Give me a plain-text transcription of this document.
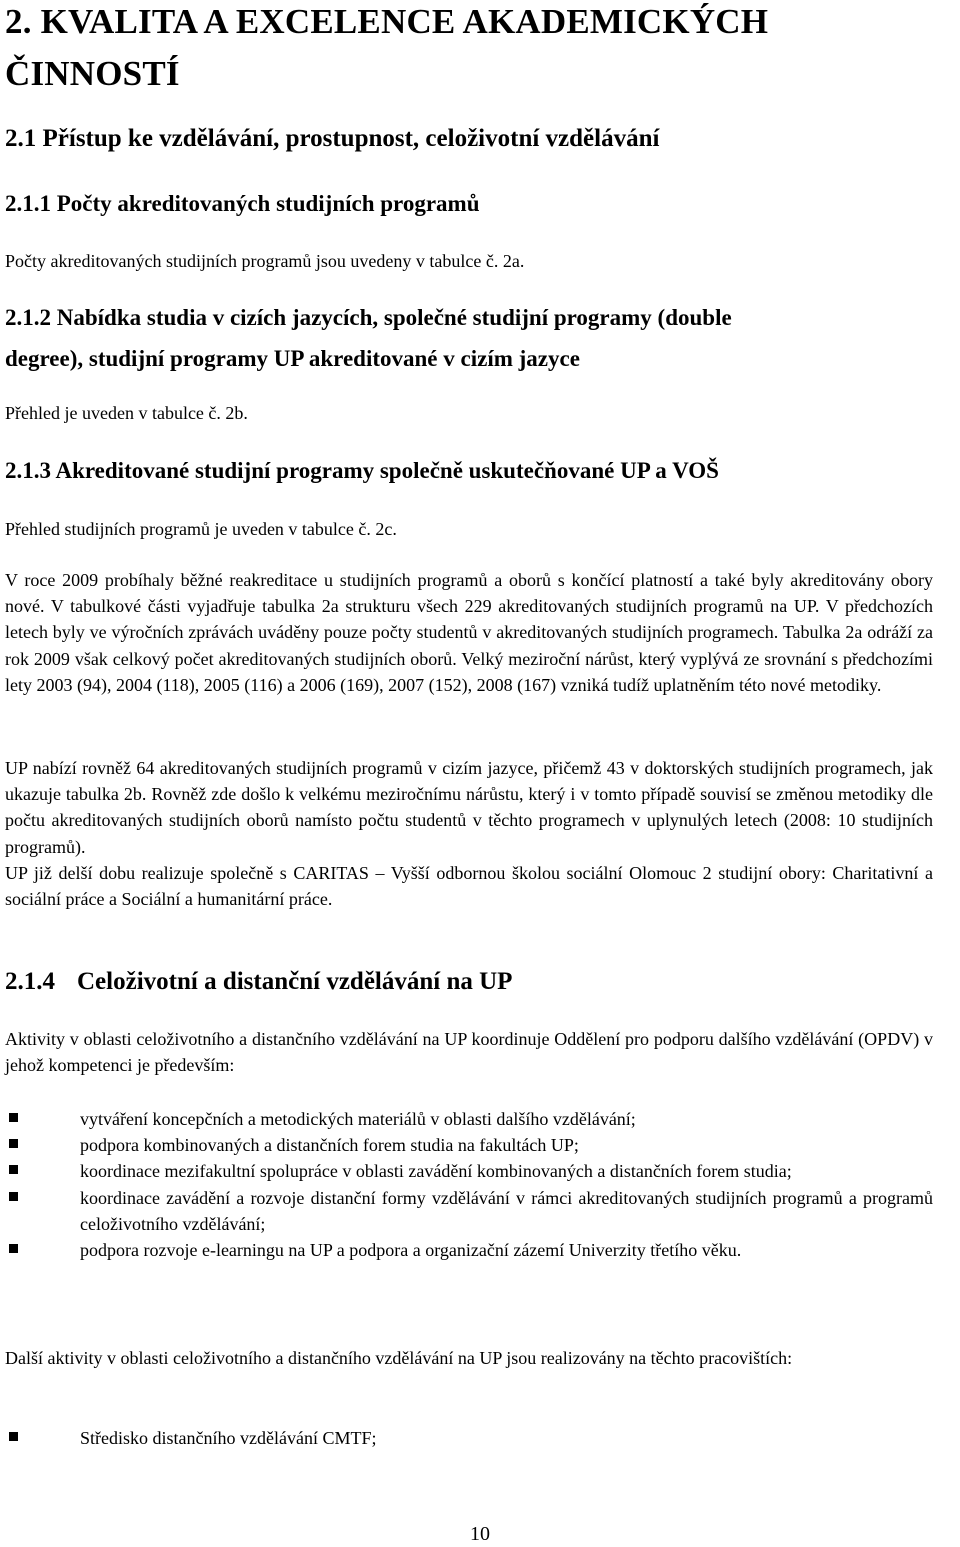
2. KVALITA A EXCELENCE AKADEMICKÝCH
ČINNOSTÍ
2.1 Přístup ke vzdělávání, prostupnost, celoživotní vzdělávání
2.1.1 Počty akreditovaných studijních programů
Počty akreditovaných studijních programů jsou uvedeny v tabulce č. 2a.
2.1.2 Nabídka studia v cizích jazycích, společné studijní programy (double
degree), studijní programy UP akreditované v cizím jazyce
Přehled je uveden v tabulce č. 2b.
2.1.3 Akreditované studijní programy společně uskutečňované UP a VOŠ
Přehled studijních programů je uveden v tabulce č. 2c.
V roce 2009 probíhaly běžné reakreditace u studijních programů a oborů s končící platností a také byly akreditovány obory nové. V tabulkové části vyjadřuje tabulka 2a strukturu všech 229 akreditovaných studijních programů na UP. V předchozích letech byly ve výročních zprávách uváděny pouze počty studentů v akreditovaných studijních programech. Tabulka 2a odráží za rok 2009 však celkový počet akreditovaných studijních oborů. Velký meziroční nárůst, který vyplývá ze srovnání s předchozími lety 2003 (94), 2004 (118), 2005 (116) a 2006 (169), 2007 (152), 2008 (167) vzniká tudíž uplatněním této nové metodiky.
UP nabízí rovněž 64 akreditovaných studijních programů v cizím jazyce, přičemž 43 v doktorských studijních programech, jak ukazuje tabulka 2b. Rovněž zde došlo k velkému meziročnímu nárůstu, který i v tomto případě souvisí se změnou metodiky dle počtu akreditovaných studijních oborů namísto počtu studentů v těchto programech v uplynulých letech (2008: 10 studijních programů).
UP již delší dobu realizuje společně s CARITAS – Vyšší odbornou školou sociální Olomouc 2 studijní obory: Charitativní a sociální práce a Sociální a humanitární práce.
2.1.4 Celoživotní a distanční vzdělávání na UP
Aktivity v oblasti celoživotního a distančního vzdělávání na UP koordinuje Oddělení pro podporu dalšího vzdělávání (OPDV) v jehož kompetenci je především:
vytváření koncepčních a metodických materiálů v oblasti dalšího vzdělávání;
podpora kombinovaných a distančních forem studia na fakultách UP;
koordinace mezifakultní spolupráce v oblasti zavádění kombinovaných a distančních forem studia;
koordinace zavádění a rozvoje distanční formy vzdělávání v rámci akreditovaných studijních programů a programů celoživotního vzdělávání;
podpora rozvoje e-learningu na UP a podpora a organizační zázemí Univerzity třetího věku.
Další aktivity v oblasti celoživotního a distančního vzdělávání na UP jsou realizovány na těchto pracovištích:
Středisko distančního vzdělávání CMTF;
10
